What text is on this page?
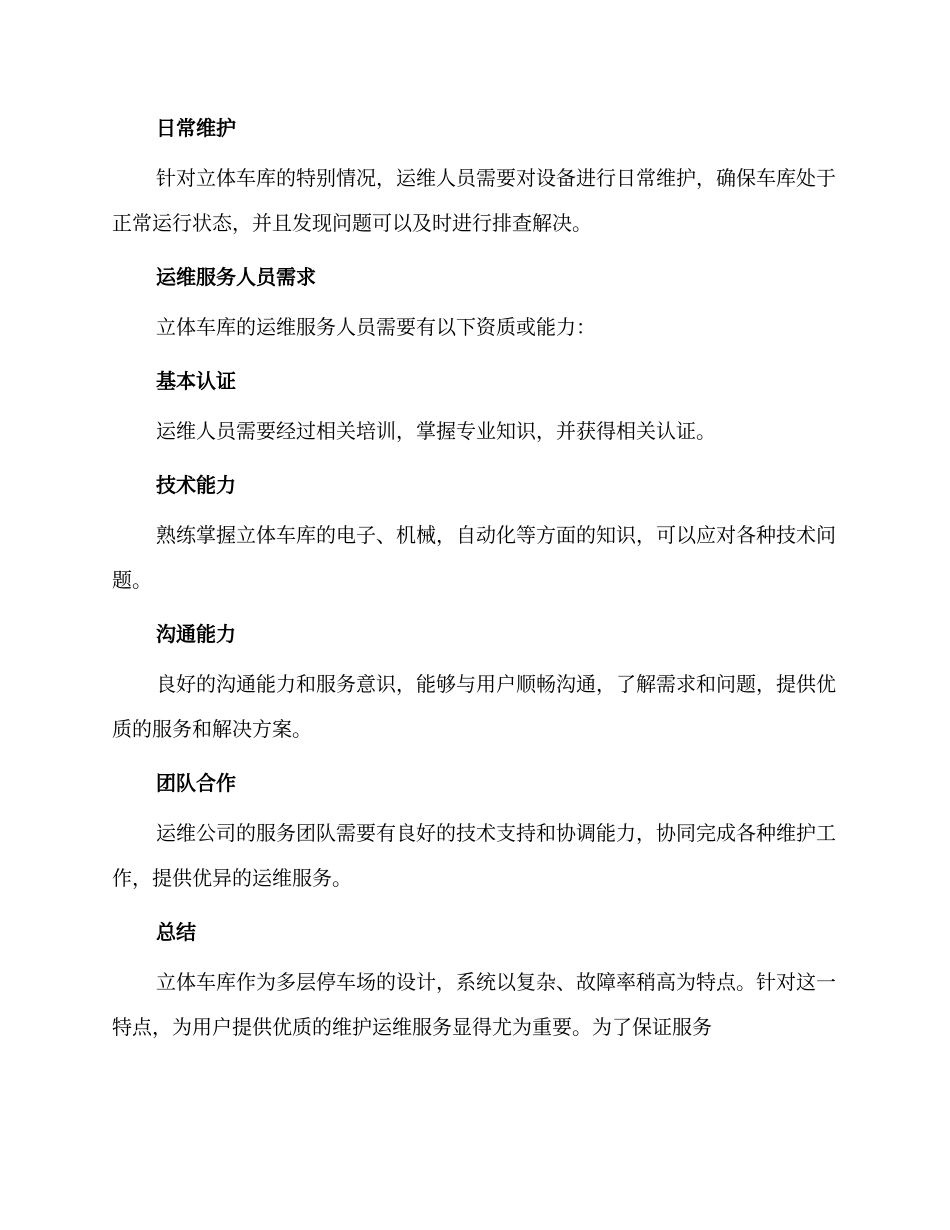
日常维护

针对立体车库的特别情况，运维人员需要对设备进行日常维护，确保车库处于正常运行状态，并且发现问题可以及时进行排查解决。

运维服务人员需求

立体车库的运维服务人员需要有以下资质或能力：

基本认证

运维人员需要经过相关培训，掌握专业知识，并获得相关认证。

技术能力

熟练掌握立体车库的电子、机械，自动化等方面的知识，可以应对各种技术问题。

沟通能力

良好的沟通能力和服务意识，能够与用户顺畅沟通，了解需求和问题，提供优质的服务和解决方案。

团队合作

运维公司的服务团队需要有良好的技术支持和协调能力，协同完成各种维护工作，提供优异的运维服务。

总结

立体车库作为多层停车场的设计，系统以复杂、故障率稍高为特点。针对这一特点，为用户提供优质的维护运维服务显得尤为重要。为了保证服务
